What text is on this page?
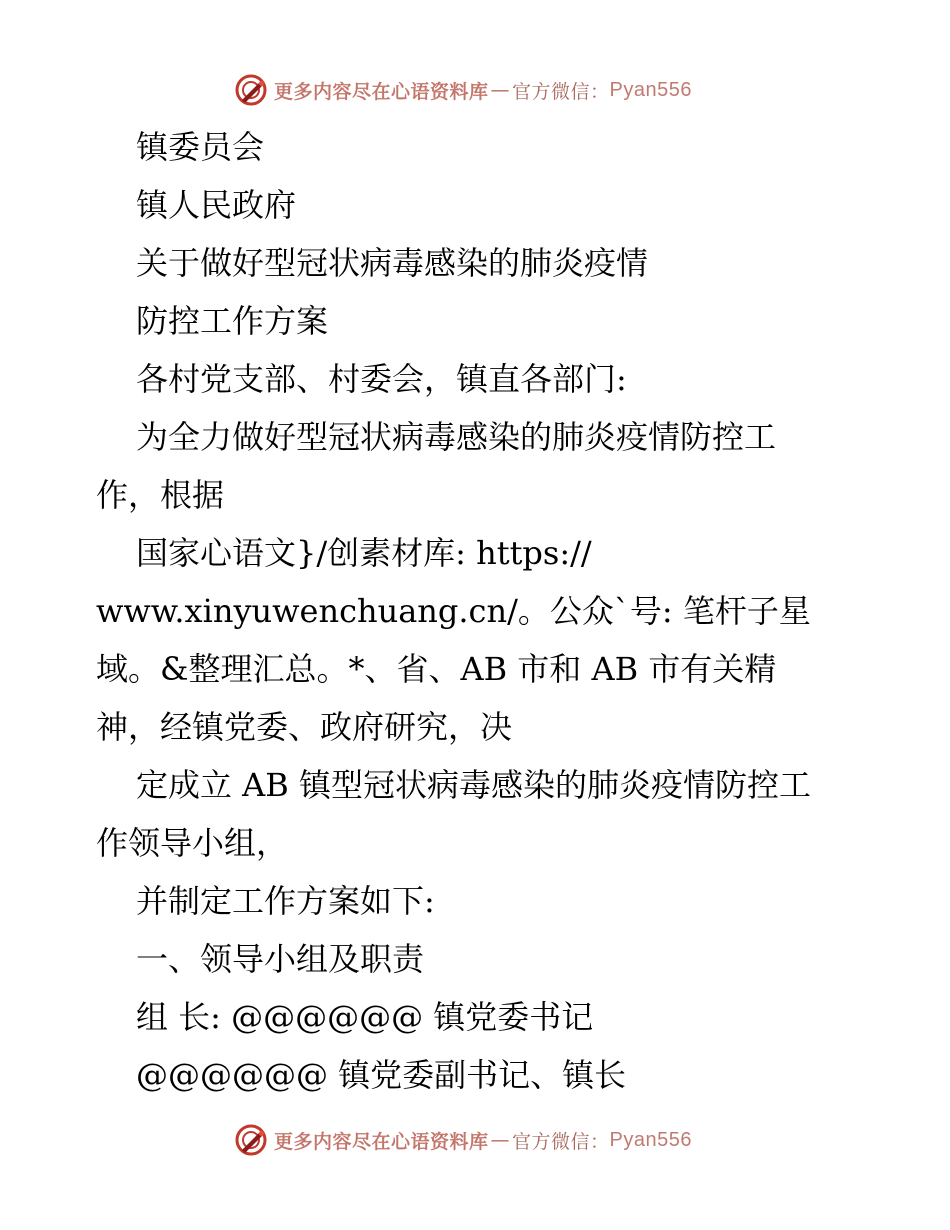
更多内容尽在心语资料库 — 官方微信： Pyan556
镇委员会
镇人民政府
关于做好型冠状病毒感染的肺炎疫情
防控工作方案
各村党支部、村委会，镇直各部门:
为全力做好型冠状病毒感染的肺炎疫情防控工
作，根据
国家心语文}/创素材库: https://
www.xinyuwenchuang.cn/。公众`号: 笔杆子星
域。&整理汇总。*、省、AB 市和 AB 市有关精
神，经镇党委、政府研究，决
定成立 AB 镇型冠状病毒感染的肺炎疫情防控工
作领导小组，
并制定工作方案如下:
一、领导小组及职责
组 长: @@@@@@ 镇党委书记
@@@@@@ 镇党委副书记、镇长
更多内容尽在心语资料库 — 官方微信： Pyan556
